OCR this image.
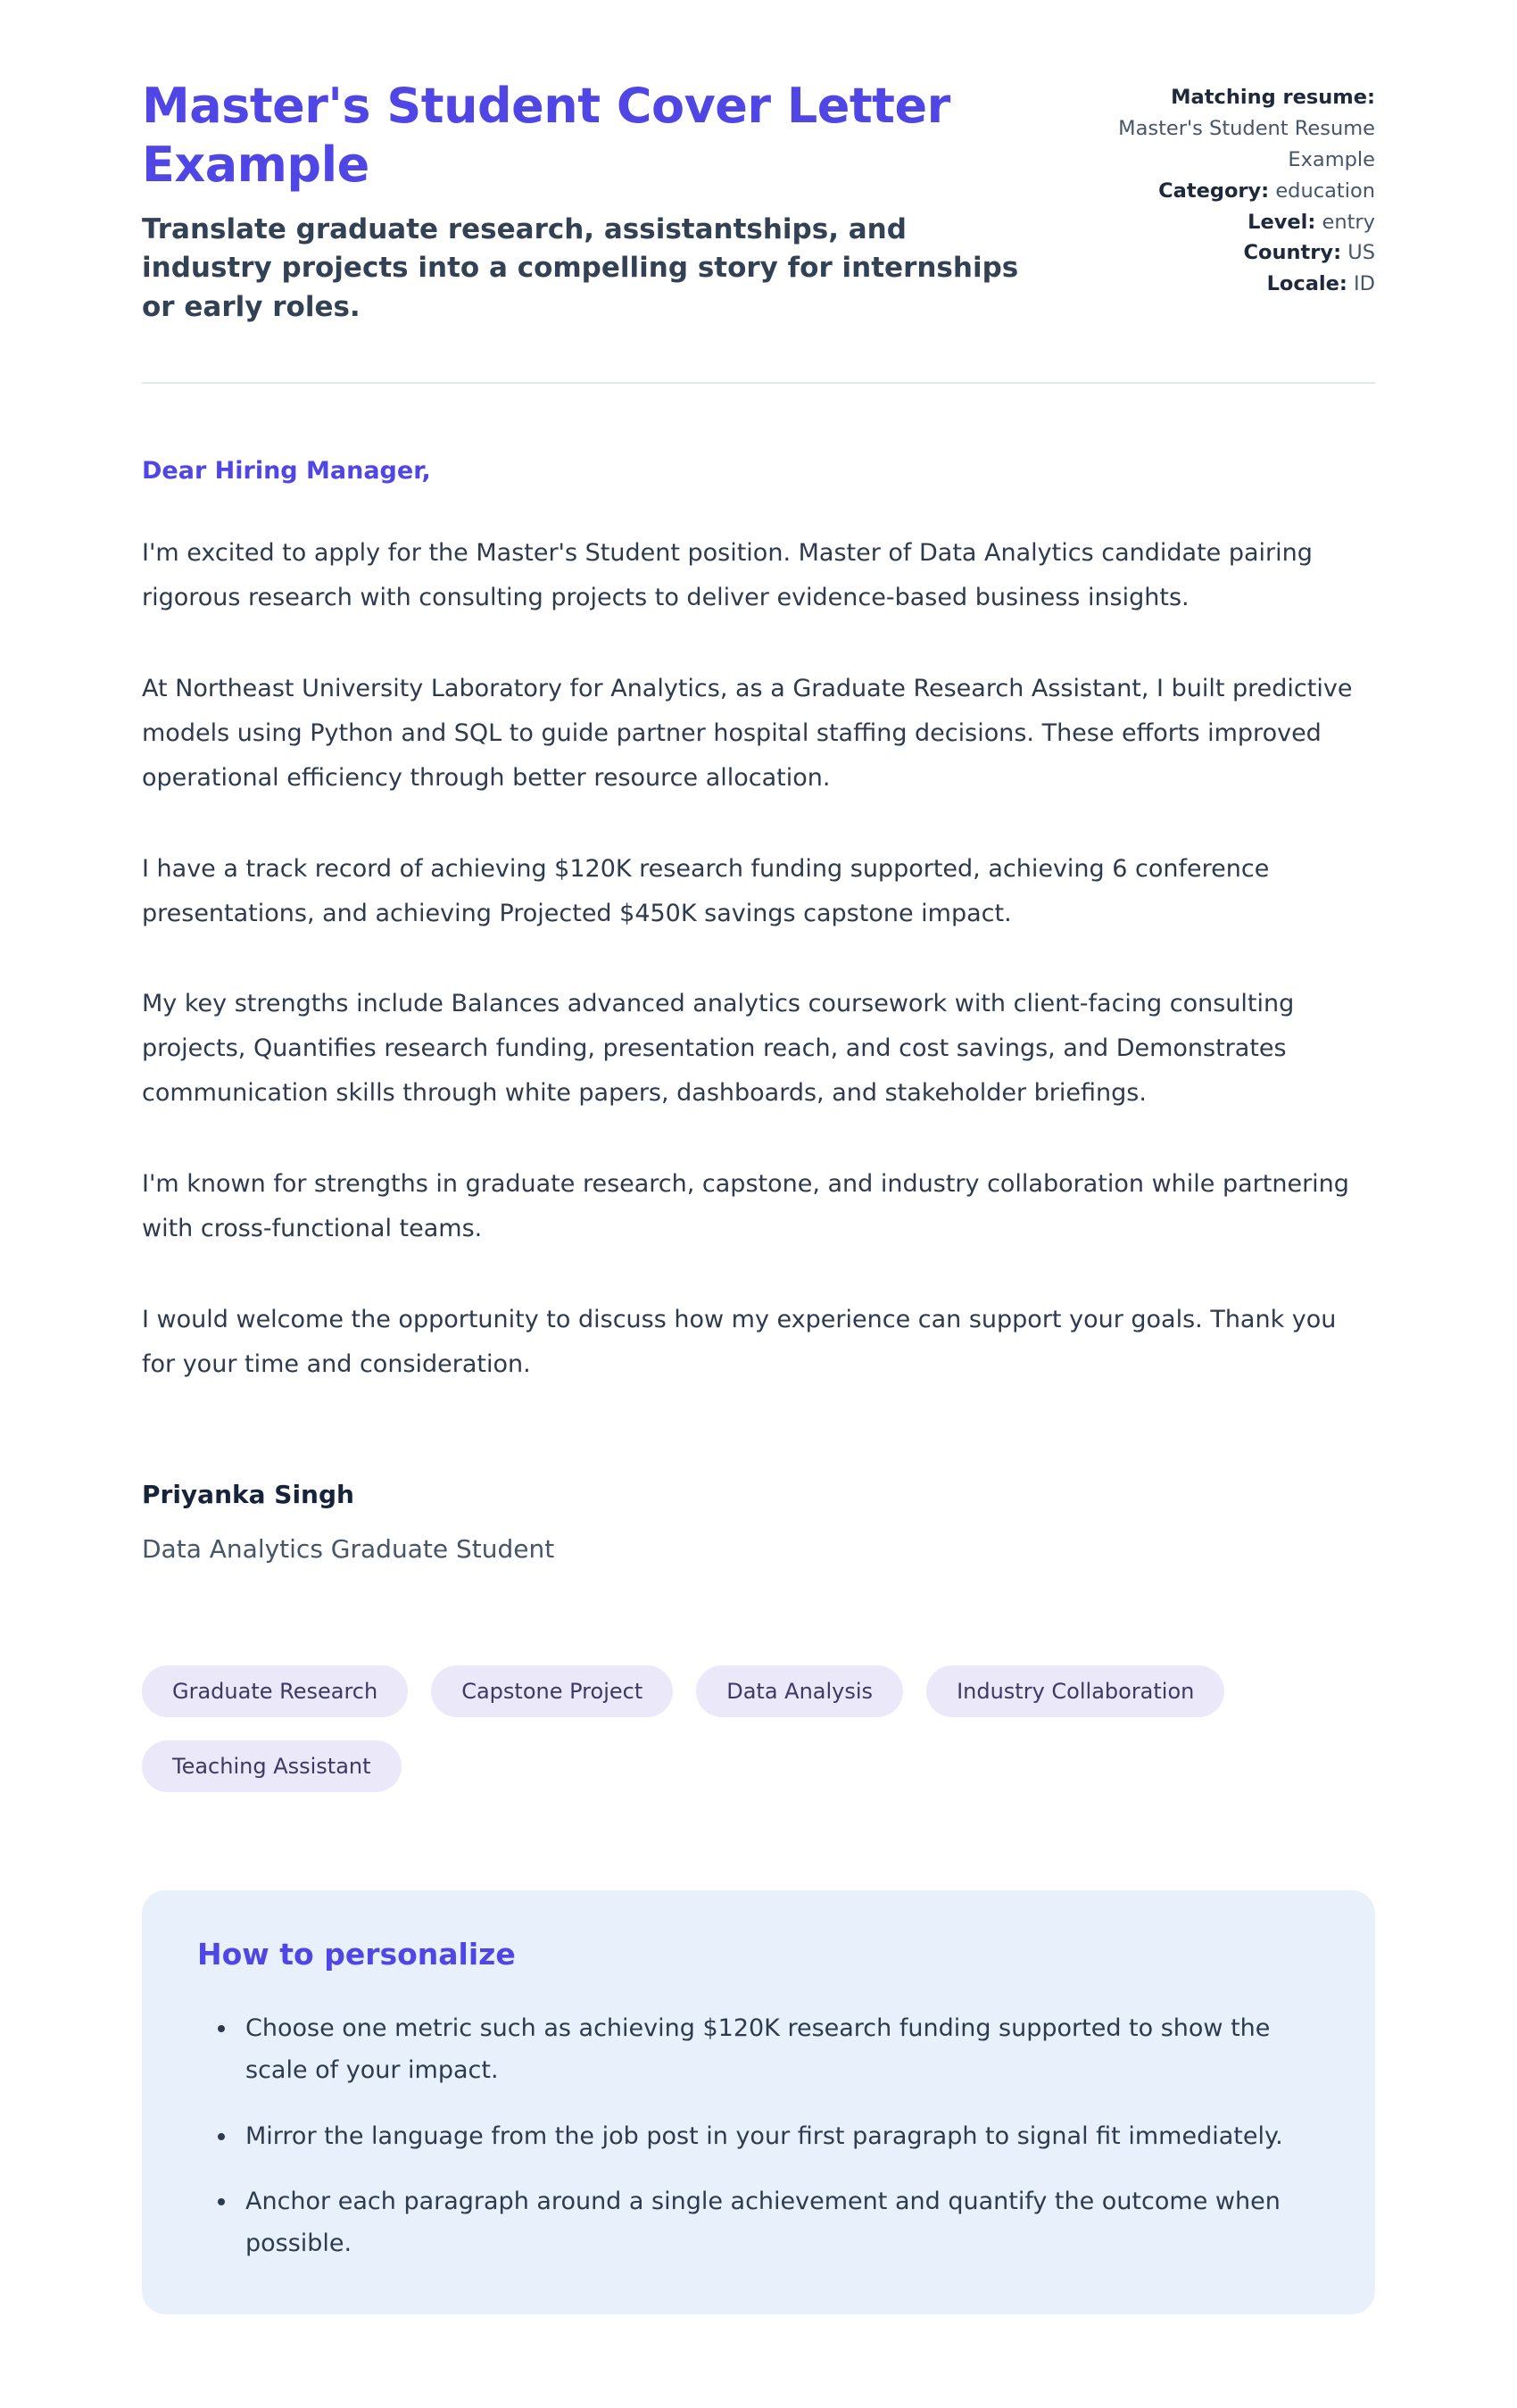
Master's Student Cover Letter Example

Translate graduate research, assistantships, and industry projects into a compelling story for internships or early roles.

Matching resume: Master's Student Resume Example
Category: education
Level: entry
Country: US
Locale: ID

Dear Hiring Manager,

I'm excited to apply for the Master's Student position. Master of Data Analytics candidate pairing rigorous research with consulting projects to deliver evidence-based business insights.

At Northeast University Laboratory for Analytics, as a Graduate Research Assistant, I built predictive models using Python and SQL to guide partner hospital staffing decisions. These efforts improved operational efficiency through better resource allocation.

I have a track record of achieving $120K research funding supported, achieving 6 conference presentations, and achieving Projected $450K savings capstone impact.

My key strengths include Balances advanced analytics coursework with client-facing consulting projects, Quantifies research funding, presentation reach, and cost savings, and Demonstrates communication skills through white papers, dashboards, and stakeholder briefings.

I'm known for strengths in graduate research, capstone, and industry collaboration while partnering with cross-functional teams.

I would welcome the opportunity to discuss how my experience can support your goals. Thank you for your time and consideration.

Priyanka Singh

Data Analytics Graduate Student

Graduate Research	Capstone Project	Data Analysis	Industry Collaboration
Teaching Assistant
How to personalize
• Choose one metric such as achieving $120K research funding supported to show the scale of your impact.
• Mirror the language from the job post in your first paragraph to signal fit immediately.
• Anchor each paragraph around a single achievement and quantify the outcome when possible.
